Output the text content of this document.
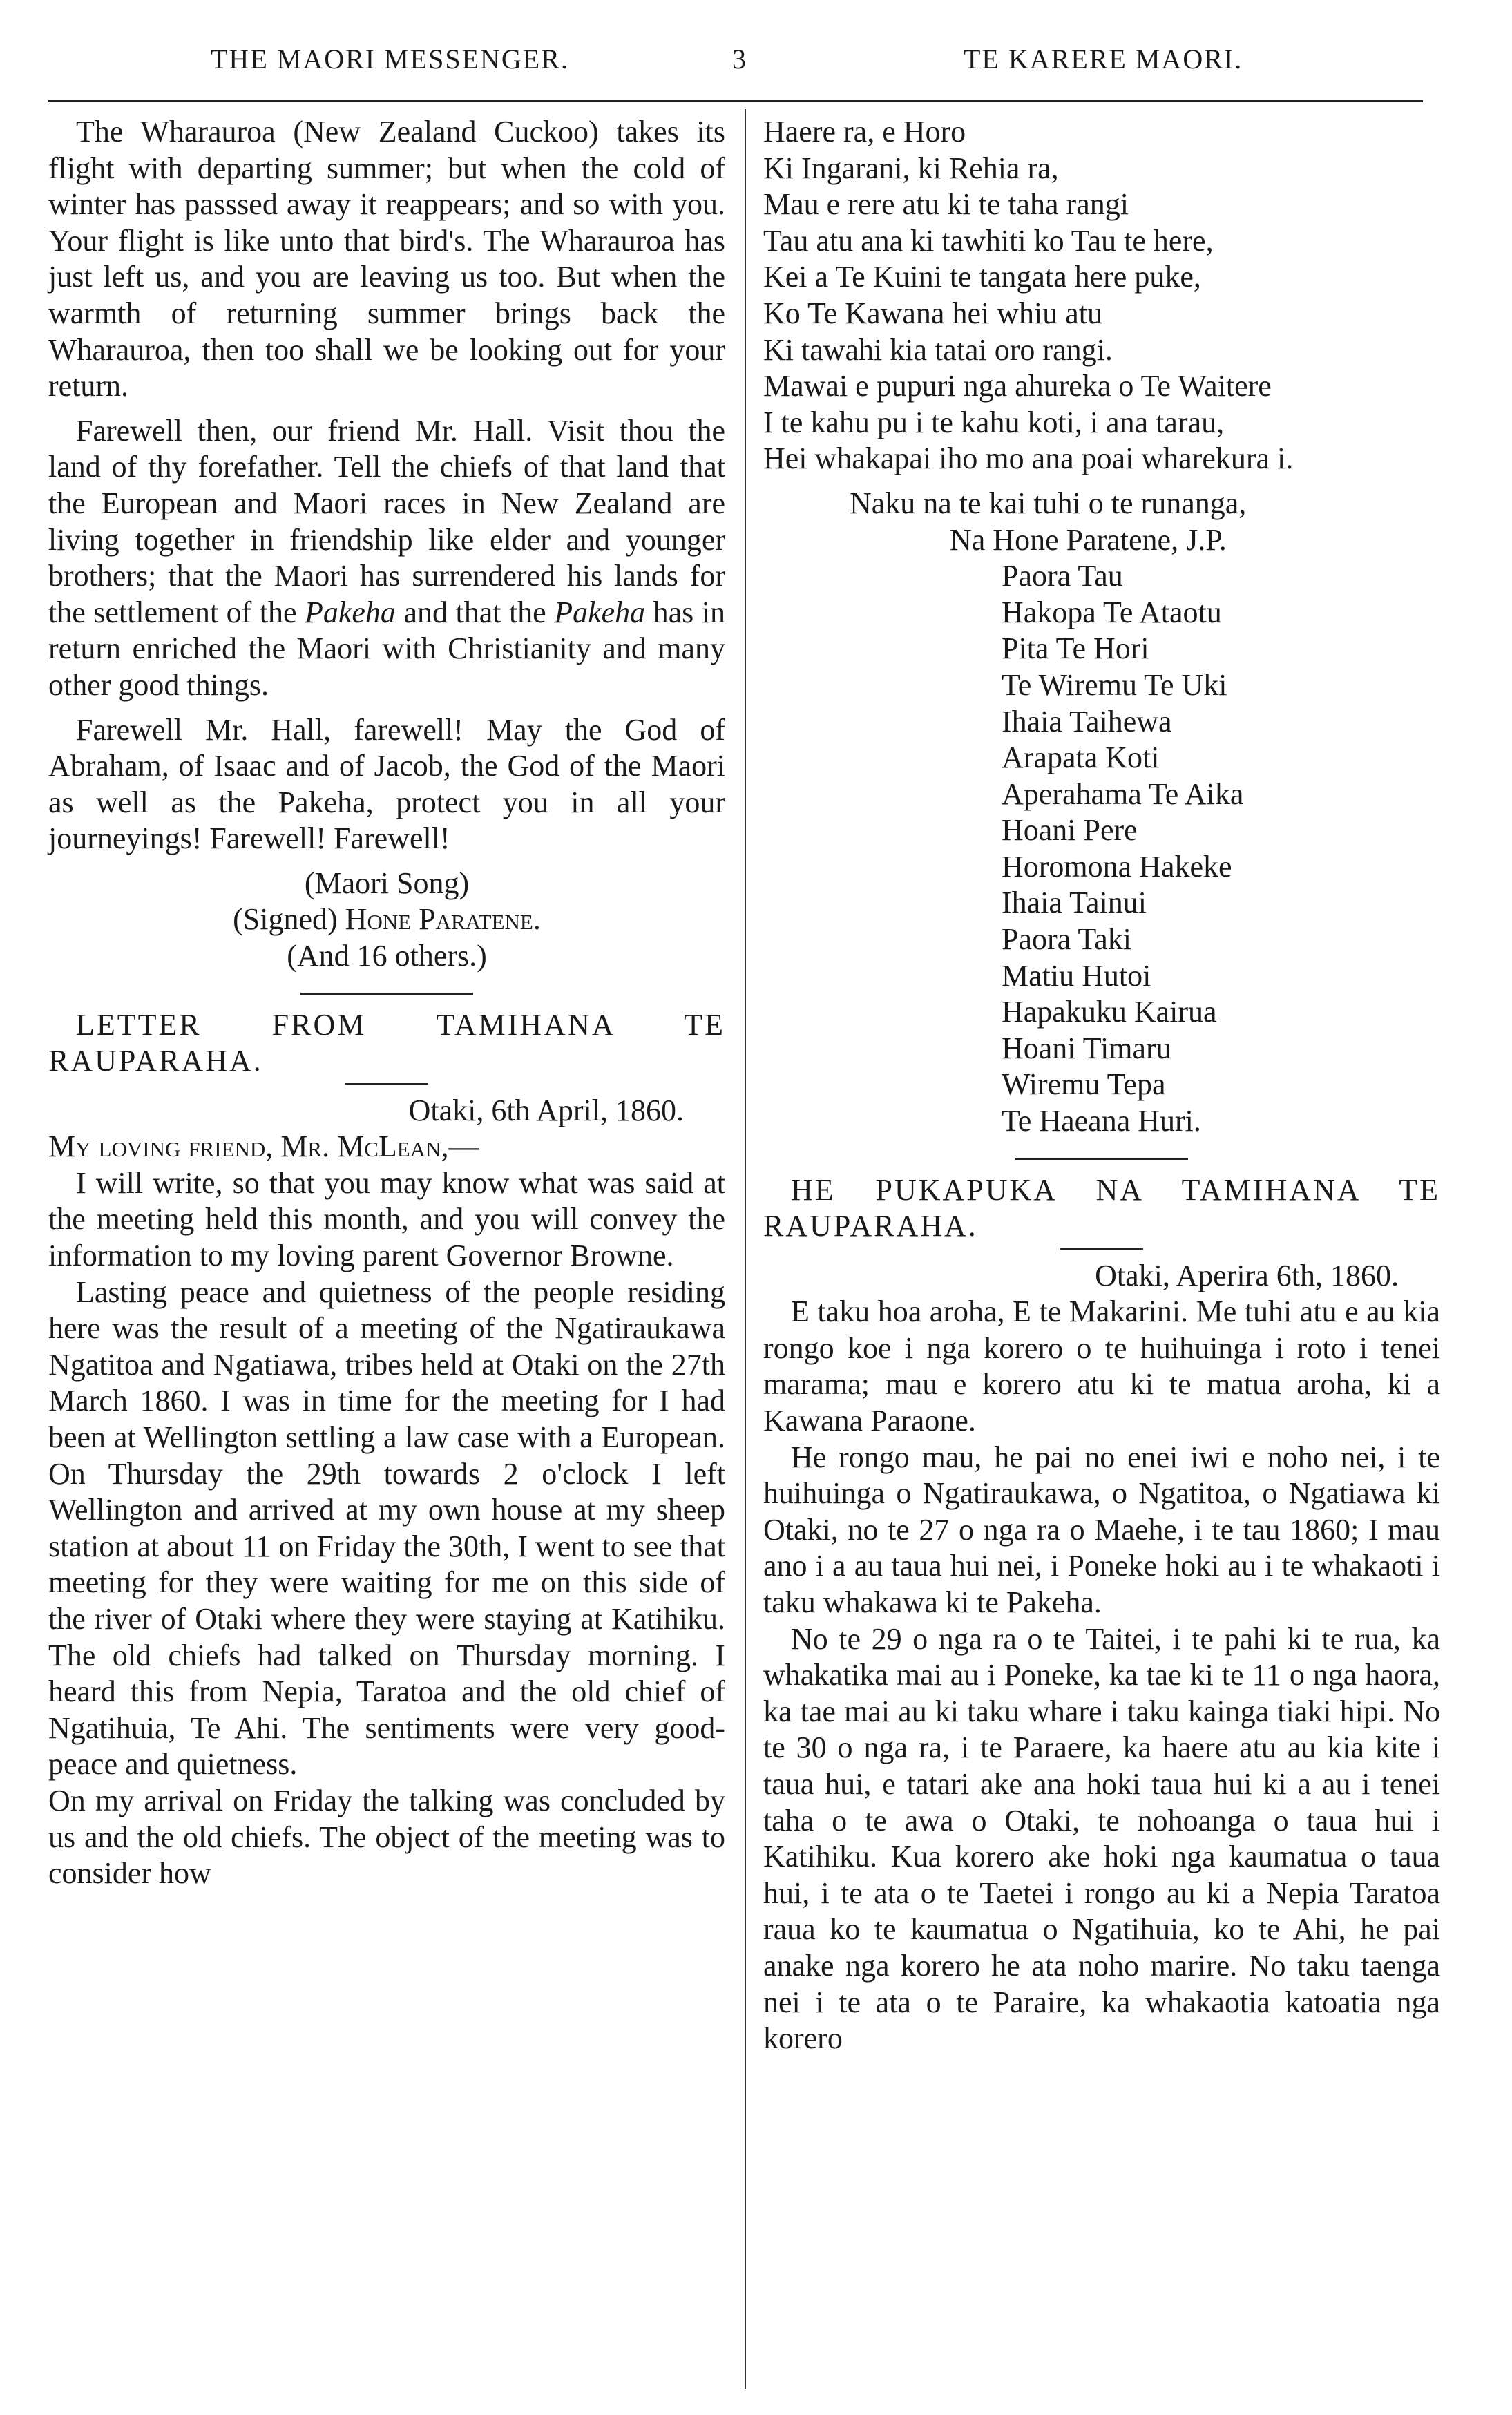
THE MAORI MESSENGER.	3	TE KARERE MAORI.

The Wharauroa (New Zealand Cuckoo) takes its flight with departing summer; but when the cold of winter has passsed away it reappears; and so with you. Your flight is like unto that bird's. The Wharauroa has just left us, and you are leaving us too. But when the warmth of returning summer brings back the Wharauroa, then too shall we be looking out for your return.

Farewell then, our friend Mr. Hall. Visit thou the land of thy forefather. Tell the chiefs of that land that the European and Maori races in New Zealand are living together in friendship like elder and younger brothers; that the Maori has surrendered his lands for the settlement of the Pakeha and that the Pakeha has in return enriched the Maori with Christianity and many other good things.

Farewell Mr. Hall, farewell! May the God of Abraham, of Isaac and of Jacob, the God of the Maori as well as the Pakeha, protect you in all your journeyings! Farewell! Farewell!

(Maori Song)

(Signed) Hone Paratene.

(And 16 others.)

LETTER FROM TAMIHANA TE RAUPARAHA.

Otaki, 6th April, 1860.

My loving friend, Mr. McLean,—

I will write, so that you may know what was said at the meeting held this month, and you will convey the information to my loving parent Governor Browne.

Lasting peace and quietness of the people residing here was the result of a meeting of the Ngatiraukawa Ngatitoa and Ngatiawa, tribes held at Otaki on the 27th March 1860. I was in time for the meeting for I had been at Wellington settling a law case with a European. On Thursday the 29th towards 2 o'clock I left Wellington and arrived at my own house at my sheep station at about 11 on Friday the 30th, I went to see that meeting for they were waiting for me on this side of the river of Otaki where they were staying at Katihiku. The old chiefs had talked on Thursday morning. I heard this from Nepia, Taratoa and the old chief of Ngatihuia, Te Ahi. The sentiments were very good-peace and quietness.

On my arrival on Friday the talking was concluded by us and the old chiefs. The object of the meeting was to consider how

Haere ra, e Horo

Ki Ingarani, ki Rehia ra,

Mau e rere atu ki te taha rangi

Tau atu ana ki tawhiti ko Tau te here,

Kei a Te Kuini te tangata here puke,

Ko Te Kawana hei whiu atu

Ki tawahi kia tatai oro rangi.

Mawai e pupuri nga ahureka o Te Waitere

I te kahu pu i te kahu koti, i ana tarau,

Hei whakapai iho mo ana poai wharekura i.

Naku na te kai tuhi o te runanga,

Na Hone Paratene, J.P.

Paora Tau

Hakopa Te Ataotu

Pita Te Hori

Te Wiremu Te Uki

Ihaia Taihewa

Arapata Koti

Aperahama Te Aika

Hoani Pere

Horomona Hakeke

Ihaia Tainui

Paora Taki

Matiu Hutoi

Hapakuku Kairua

Hoani Timaru

Wiremu Tepa

Te Haeana Huri.

HE PUKAPUKA NA TAMIHANA TE RAUPARAHA.

Otaki, Aperira 6th, 1860.

E taku hoa aroha, E te Makarini. Me tuhi atu e au kia rongo koe i nga korero o te huihuinga i roto i tenei marama; mau e korero atu ki te matua aroha, ki a Kawana Paraone.

He rongo mau, he pai no enei iwi e noho nei, i te huihuinga o Ngatiraukawa, o Ngatitoa, o Ngatiawa ki Otaki, no te 27 o nga ra o Maehe, i te tau 1860; I mau ano i a au taua hui nei, i Poneke hoki au i te whakaoti i taku whakawa ki te Pakeha.

No te 29 o nga ra o te Taitei, i te pahi ki te rua, ka whakatika mai au i Poneke, ka tae ki te 11 o nga haora, ka tae mai au ki taku whare i taku kainga tiaki hipi. No te 30 o nga ra, i te Paraere, ka haere atu au kia kite i taua hui, e tatari ake ana hoki taua hui ki a au i tenei taha o te awa o Otaki, te nohoanga o taua hui i Katihiku. Kua korero ake hoki nga kaumatua o taua hui, i te ata o te Taetei i rongo au ki a Nepia Taratoa raua ko te kaumatua o Ngatihuia, ko te Ahi, he pai anake nga korero he ata noho marire. No taku taenga nei i te ata o te Paraire, ka whakaotia katoatia nga korero
